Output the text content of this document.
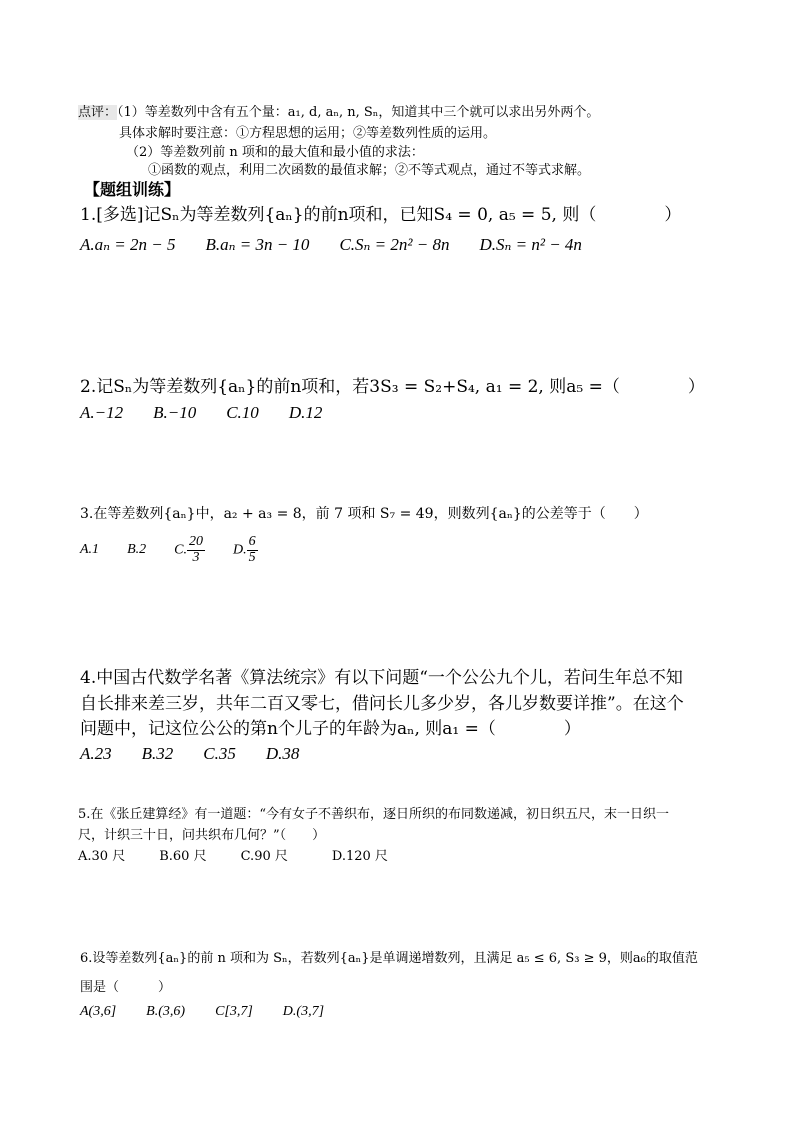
点评：（1）等差数列中含有五个量：a₁, d, aₙ, n, Sₙ，知道其中三个就可以求出另外两个。
具体求解时要注意：①方程思想的运用；②等差数列性质的运用。
（2）等差数列前 n 项和的最大值和最小值的求法：
①函数的观点，利用二次函数的最值求解；②不等式观点，通过不等式求解。
【题组训练】
1.[多选]记Sₙ为等差数列{aₙ}的前n项和，已知S₄ = 0, a₅ = 5, 则（　　　　）
A.aₙ = 2n − 5 B.aₙ = 3n − 10 C.Sₙ = 2n² − 8n D.Sₙ = n² − 4n
2.记Sₙ为等差数列{aₙ}的前n项和，若3S₃ = S₂+S₄, a₁ = 2, 则a₅ =（　　　　）
A.−12 B.−10 C.10 D.12
3.在等差数列{aₙ}中，a₂ + a₃ = 8，前 7 项和 S₇ = 49，则数列{aₙ}的公差等于（　　）
A.1 B.2 C. $\frac{20}{3} D$. $\frac{6}{5}$
4.中国古代数学名著《算法统宗》有以下问题“一个公公九个儿，若问生年总不知
自长排来差三岁，共年二百又零七，借问长儿多少岁，各儿岁数要详推”。在这个
问题中，记这位公公的第n个儿子的年龄为aₙ, 则a₁ =（　　　　）
A.23 B.32 C.35 D.38
5.在《张丘建算经》有一道题：“今有女子不善织布，逐日所织的布同数递减，初日织五尺，末一日织一
尺，计织三十日，问共织布几何？”（　　）
A.30 尺	B.60 尺	C.90 尺	D.120 尺
6.设等差数列{aₙ}的前 n 项和为 Sₙ，若数列{aₙ}是单调递增数列，且满足 a₅ ≤ 6, S₃ ≥ 9，则a₆的取值范
围是（　　　）
A(3,6] B.(3,6) C[3,7] D.(3,7]
